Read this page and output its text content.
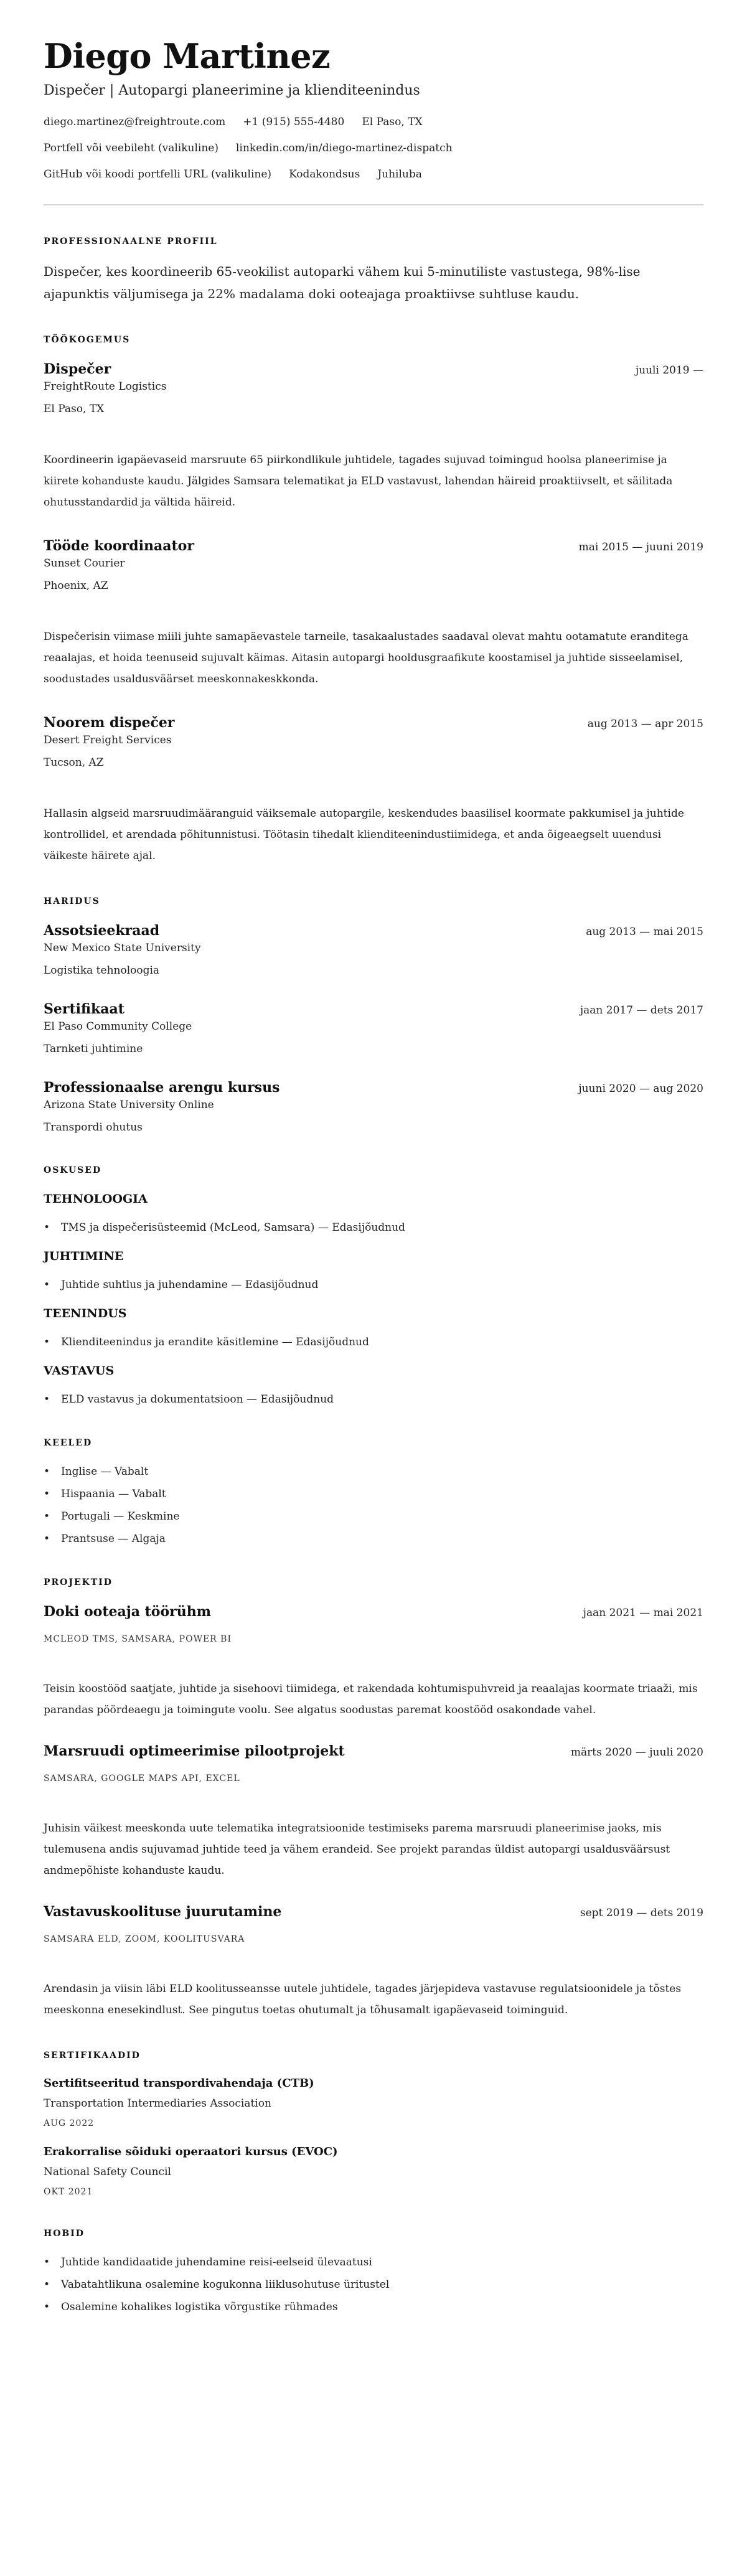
Diego Martinez
Dispečer | Autopargi planeerimine ja klienditeenindus
diego.martinez@freightroute.com +1 (915) 555-4480 El Paso, TX
Portfell või veebileht (valikuline) linkedin.com/in/diego-martinez-dispatch
GitHub või koodi portfelli URL (valikuline) Kodakondsus Juhiluba
PROFESSIONAALNE PROFIIL

Dispečer, kes koordineerib 65-veokilist autoparki vähem kui 5-minutiliste vastustega, 98%-lise ajapunktis väljumisega ja 22% madalama doki ooteajaga proaktiivse suhtluse kaudu.

TÖÖKOGEMUS
Dispečer	juuli 2019 —
FreightRoute Logistics
El Paso, TX

Koordineerin igapäevaseid marsruute 65 piirkondlikule juhtidele, tagades sujuvad toimingud hoolsa planeerimise ja kiirete kohanduste kaudu. Jälgides Samsara telematikat ja ELD vastavust, lahendan häireid proaktiivselt, et säilitada ohutusstandardid ja vältida häireid.

Tööde koordinaator	mai 2015 — juuni 2019
Sunset Courier
Phoenix, AZ

Dispečerisin viimase miili juhte samapäevastele tarneile, tasakaalustades saadaval olevat mahtu ootamatute eranditega reaalajas, et hoida teenuseid sujuvalt käimas. Aitasin autopargi hooldusgraafikute koostamisel ja juhtide sisseelamisel, soodustades usaldusväärset meeskonnakeskkonda.

Noorem dispečer	aug 2013 — apr 2015
Desert Freight Services
Tucson, AZ

Hallasin algseid marsruudimääranguid väiksemale autopargile, keskendudes baasilisel koormate pakkumisel ja juhtide kontrollidel, et arendada põhitunnistusi. Töötasin tihedalt klienditeenindustiimidega, et anda õigeaegselt uuendusi väikeste häirete ajal.

HARIDUS
Assotsieekraad	aug 2013 — mai 2015
New Mexico State University
Logistika tehnoloogia
Sertifikaat	jaan 2017 — dets 2017
El Paso Community College
Tarnketi juhtimine
Professionaalse arengu kursus	juuni 2020 — aug 2020
Arizona State University Online
Transpordi ohutus
OSKUSED
TEHNOLOOGIA
• TMS ja dispečerisüsteemid (McLeod, Samsara) — Edasijõudnud
JUHTIMINE
• Juhtide suhtlus ja juhendamine — Edasijõudnud
TEENINDUS
• Klienditeenindus ja erandite käsitlemine — Edasijõudnud
VASTAVUS
• ELD vastavus ja dokumentatsioon — Edasijõudnud
KEELED
• Inglise — Vabalt
• Hispaania — Vabalt
• Portugali — Keskmine
• Prantsuse — Algaja
PROJEKTID
Doki ooteaja töörühm	jaan 2021 — mai 2021
MCLEOD TMS, SAMSARA, POWER BI

Teisin koostööd saatjate, juhtide ja sisehoovi tiimidega, et rakendada kohtumispuhvreid ja reaalajas koormate triaaži, mis parandas pöördeaegu ja toimingute voolu. See algatus soodustas paremat koostööd osakondade vahel.

Marsruudi optimeerimise pilootprojekt	märts 2020 — juuli 2020
SAMSARA, GOOGLE MAPS API, EXCEL

Juhisin väikest meeskonda uute telematika integratsioonide testimiseks parema marsruudi planeerimise jaoks, mis tulemusena andis sujuvamad juhtide teed ja vähem erandeid. See projekt parandas üldist autopargi usaldusväärsust andmepõhiste kohanduste kaudu.

Vastavuskoolituse juurutamine	sept 2019 — dets 2019
SAMSARA ELD, ZOOM, KOOLITUSVARA

Arendasin ja viisin läbi ELD koolitusseansse uutele juhtidele, tagades järjepideva vastavuse regulatsioonidele ja tõstes meeskonna enesekindlust. See pingutus toetas ohutumalt ja tõhusamalt igapäevaseid toiminguid.

SERTIFIKAADID
Sertifitseeritud transpordivahendaja (CTB)
Transportation Intermediaries Association
AUG 2022
Erakorralise sõiduki operaatori kursus (EVOC)
National Safety Council
OKT 2021
HOBID
• Juhtide kandidaatide juhendamine reisi-eelseid ülevaatusi
• Vabatahtlikuna osalemine kogukonna liiklusohutuse üritustel
• Osalemine kohalikes logistika võrgustike rühmades
